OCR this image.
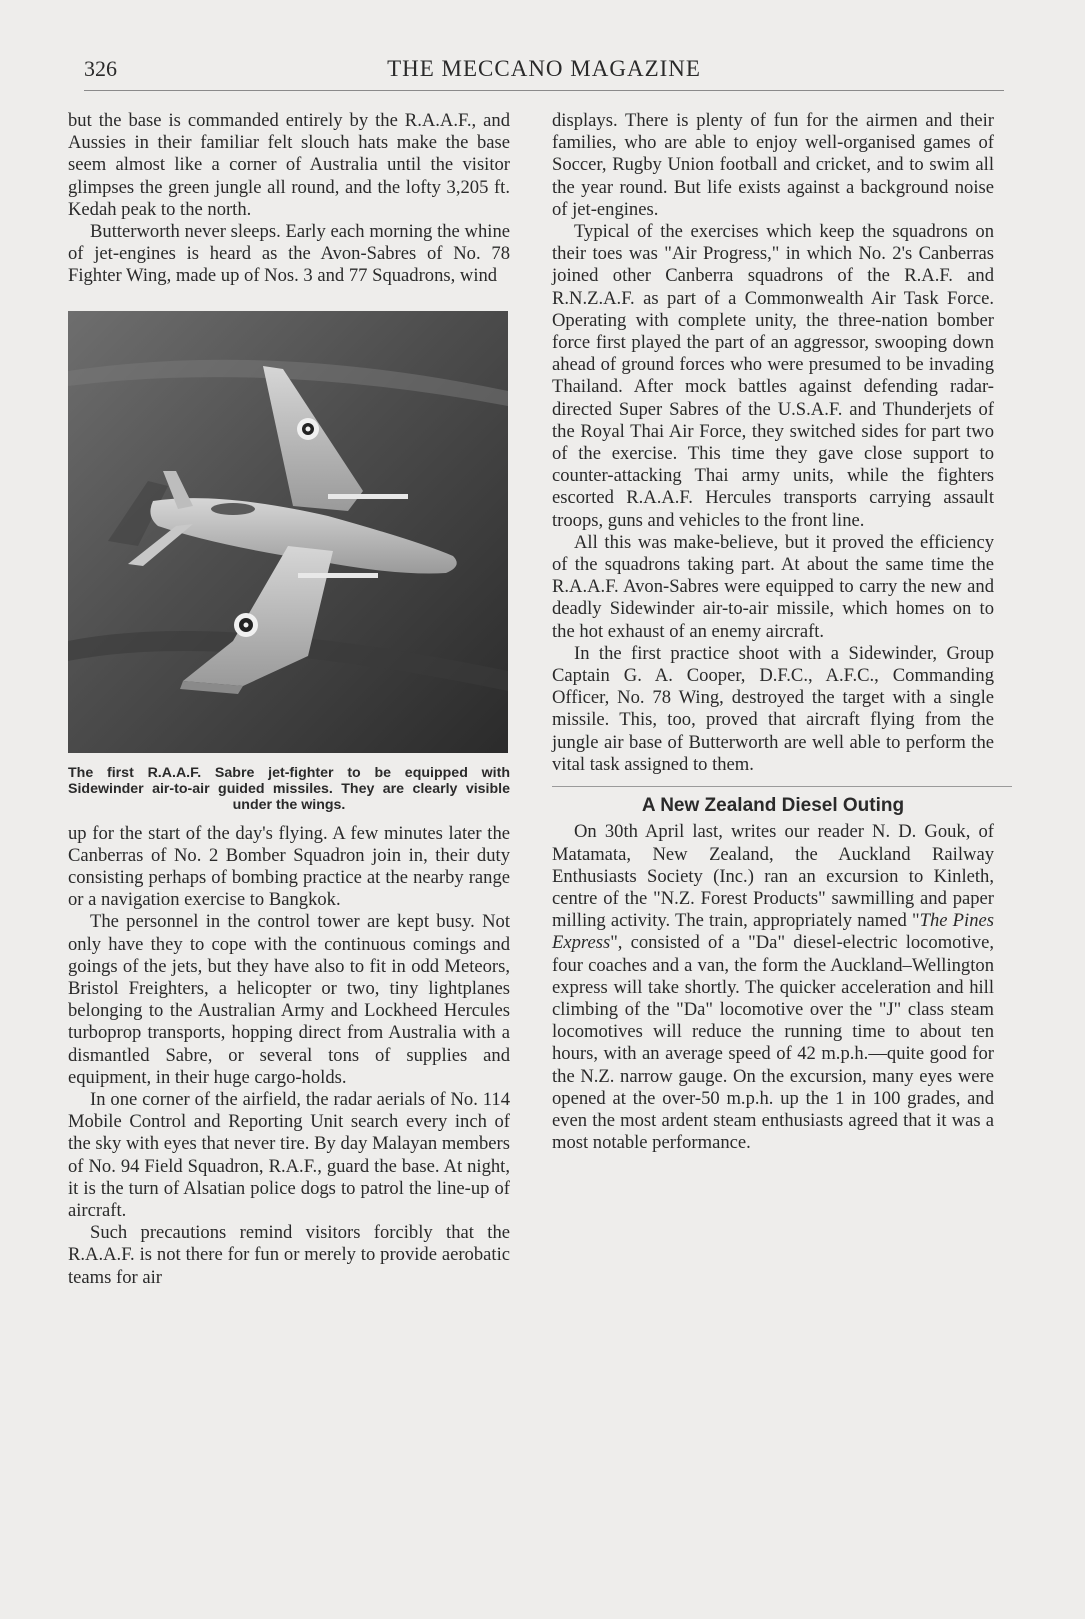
326	THE MECCANO MAGAZINE

but the base is commanded entirely by the R.A.A.F., and Aussies in their familiar felt slouch hats make the base seem almost like a corner of Australia until the visitor glimpses the green jungle all round, and the lofty 3,205 ft. Kedah peak to the north.

Butterworth never sleeps. Early each morning the whine of jet-engines is heard as the Avon-Sabres of No. 78 Fighter Wing, made up of Nos. 3 and 77 Squadrons, wind

The first R.A.A.F. Sabre jet-fighter to be equipped with Sidewinder air-to-air guided missiles. They are clearly visible under the wings.

up for the start of the day's flying. A few minutes later the Canberras of No. 2 Bomber Squadron join in, their duty consisting perhaps of bombing practice at the nearby range or a navigation exercise to Bangkok.

The personnel in the control tower are kept busy. Not only have they to cope with the continuous comings and goings of the jets, but they have also to fit in odd Meteors, Bristol Freighters, a helicopter or two, tiny lightplanes belonging to the Australian Army and Lockheed Hercules turboprop transports, hopping direct from Australia with a dismantled Sabre, or several tons of supplies and equipment, in their huge cargo-holds.

In one corner of the airfield, the radar aerials of No. 114 Mobile Control and Reporting Unit search every inch of the sky with eyes that never tire. By day Malayan members of No. 94 Field Squadron, R.A.F., guard the base. At night, it is the turn of Alsatian police dogs to patrol the line-up of aircraft.

Such precautions remind visitors forcibly that the R.A.A.F. is not there for fun or merely to provide aerobatic teams for air

displays. There is plenty of fun for the airmen and their families, who are able to enjoy well-organised games of Soccer, Rugby Union football and cricket, and to swim all the year round. But life exists against a background noise of jet-engines.

Typical of the exercises which keep the squadrons on their toes was "Air Progress," in which No. 2's Canberras joined other Canberra squadrons of the R.A.F. and R.N.Z.A.F. as part of a Commonwealth Air Task Force. Operating with complete unity, the three-nation bomber force first played the part of an aggressor, swooping down ahead of ground forces who were presumed to be invading Thailand. After mock battles against defending radar-directed Super Sabres of the U.S.A.F. and Thunderjets of the Royal Thai Air Force, they switched sides for part two of the exercise. This time they gave close support to counter-attacking Thai army units, while the fighters escorted R.A.A.F. Hercules transports carrying assault troops, guns and vehicles to the front line.

All this was make-believe, but it proved the efficiency of the squadrons taking part. At about the same time the R.A.A.F. Avon-Sabres were equipped to carry the new and deadly Sidewinder air-to-air missile, which homes on to the hot exhaust of an enemy aircraft.

In the first practice shoot with a Sidewinder, Group Captain G. A. Cooper, D.F.C., A.F.C., Commanding Officer, No. 78 Wing, destroyed the target with a single missile. This, too, proved that aircraft flying from the jungle air base of Butterworth are well able to perform the vital task assigned to them.

A New Zealand Diesel Outing

On 30th April last, writes our reader N. D. Gouk, of Matamata, New Zealand, the Auckland Railway Enthusiasts Society (Inc.) ran an excursion to Kinleth, centre of the "N.Z. Forest Products" sawmilling and paper milling activity. The train, appropriately named "The Pines Express", consisted of a "Da" diesel-electric locomotive, four coaches and a van, the form the Auckland–Wellington express will take shortly. The quicker acceleration and hill climbing of the "Da" locomotive over the "J" class steam locomotives will reduce the running time to about ten hours, with an average speed of 42 m.p.h.—quite good for the N.Z. narrow gauge. On the excursion, many eyes were opened at the over-50 m.p.h. up the 1 in 100 grades, and even the most ardent steam enthusiasts agreed that it was a most notable performance.
